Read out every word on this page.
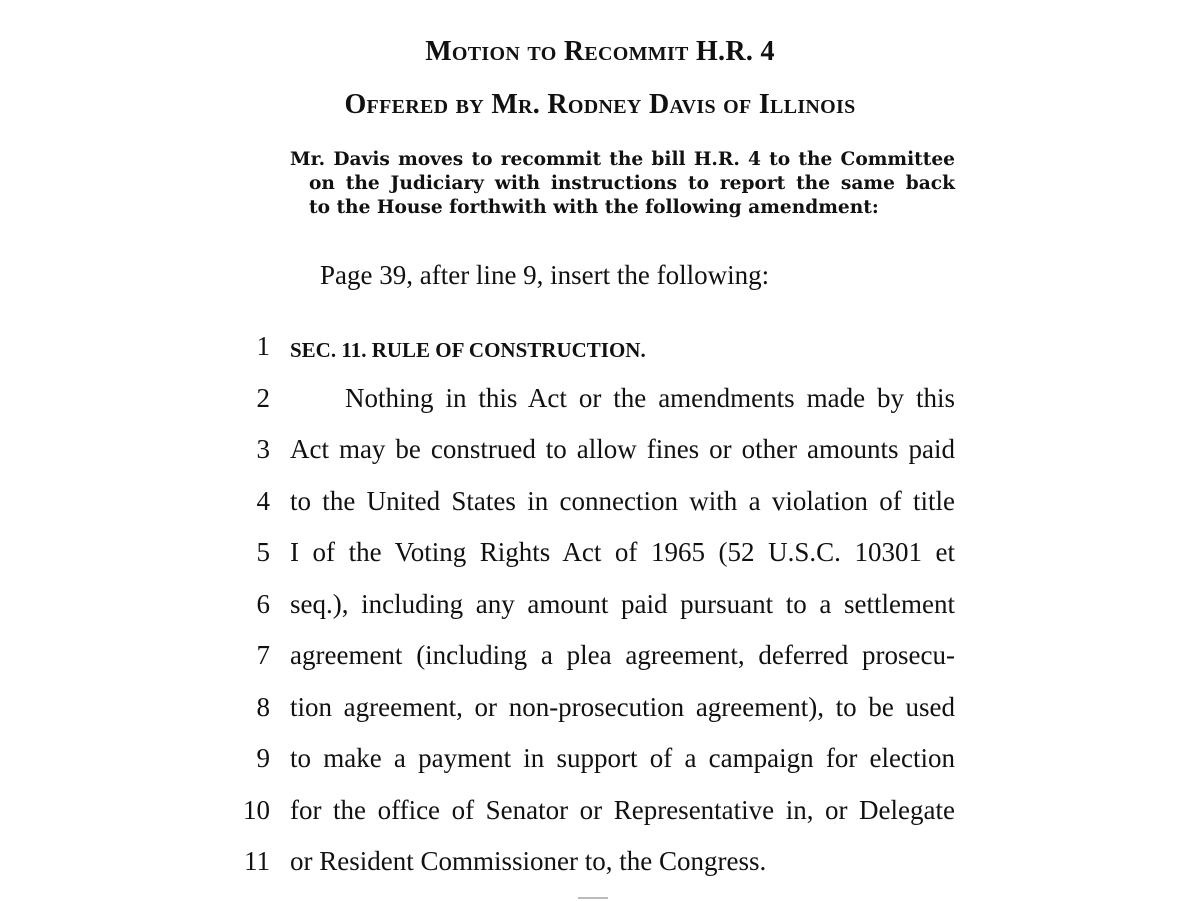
Motion to Recommit H.R. 4
Offered by Mr. Rodney Davis of Illinois
Mr. Davis moves to recommit the bill H.R. 4 to the Committee
on the Judiciary with instructions to report the same back
to the House forthwith with the following amendment:
Page 39, after line 9, insert the following:
1 SEC. 11. RULE OF CONSTRUCTION.
2	Nothing in this Act or the amendments made by this
3 Act may be construed to allow fines or other amounts paid
4 to the United States in connection with a violation of title
5 I of the Voting Rights Act of 1965 (52 U.S.C. 10301 et
6 seq.), including any amount paid pursuant to a settlement
7 agreement (including a plea agreement, deferred prosecu-
8 tion agreement, or non-prosecution agreement), to be used
9 to make a payment in support of a campaign for election
10 for the office of Senator or Representative in, or Delegate
11 or Resident Commissioner to, the Congress.
